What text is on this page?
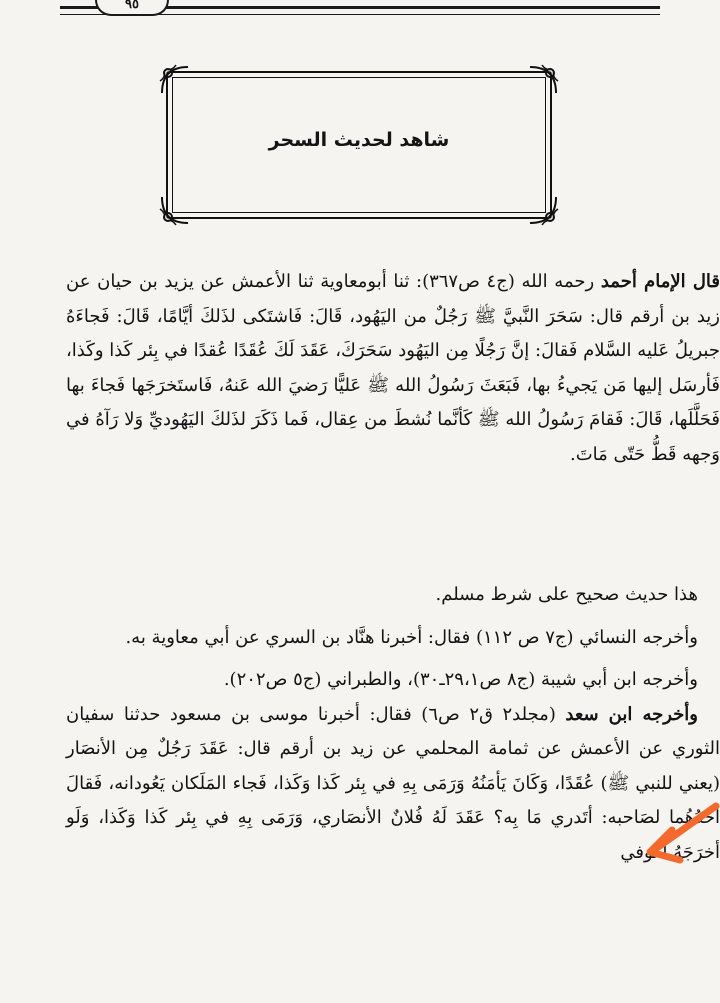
٩٥
شاهد لحديث السحر

قال الإمام أحمد رحمه الله (ج٤ ص٣٦٧): ثنا أبومعاوية ثنا الأعمش عن يزيد بن حيان عن زيد بن أرقم قال: سَحَرَ النَّبيَّ ﷺ رَجُلٌ من اليَهُود، قَالَ: فَاشتَكى لذَلكَ أيَّامًا، قَالَ: فَجاءَهُ جبريلُ عَليه السَّلام فَقالَ: إنَّ رَجُلًا مِن اليَهُود سَحَرَكَ، عَقَدَ لَكَ عُقَدًا عُقدًا في بِئر كَذا وكَذا، فَأرسَل إليها مَن يَجيءُ بها، فَبَعَثَ رَسُولُ الله ﷺ عَليًّا رَضيَ الله عَنهُ، فَاستَخرَجَها فَجاءَ بها فَحَلَّلَها، قَالَ: فَقامَ رَسُولُ الله ﷺ كَأنَّما نُشطَ من عِقال، فَما ذَكَرَ لذَلكَ اليَهُوديِّ وَلا رَآهُ في وَجهه قَطُّ حَتّى مَاتَ.

هذا حديث صحيح على شرط مسلم.

وأخرجه النسائي (ج٧ ص ١١٢) فقال: أخبرنا هنَّاد بن السري عن أبي معاوية به.

وأخرجه ابن أبي شيبة (ج٨ ص٢٩،١ـ٣٠)، والطبراني (ج٥ ص٢٠٢).

وأخرجه ابن سعد (مجلد٢ ق٢ ص٦) فقال: أخبرنا موسى بن مسعود حدثنا سفيان الثوري عن الأعمش عن ثمامة المحلمي عن زيد بن أرقم قال: عَقَدَ رَجُلٌ مِن الأنصَار (يعني للنبي ﷺ) عُقَدًا، وَكَانَ يَأمَنُهُ وَرَمَى بِهِ في بِئر كَذا وَكَذا، فَجاء المَلَكان يَعُودانه، فَقالَ أحَدُهُما لصَاحبه: أتَدري مَا بِه؟ عَقَدَ لَهُ فُلانٌ الأنصَاري، وَرَمَى بِهِ في بِئر كَذا وَكَذا، وَلَو أخرَجَهُ لَعُوفي
